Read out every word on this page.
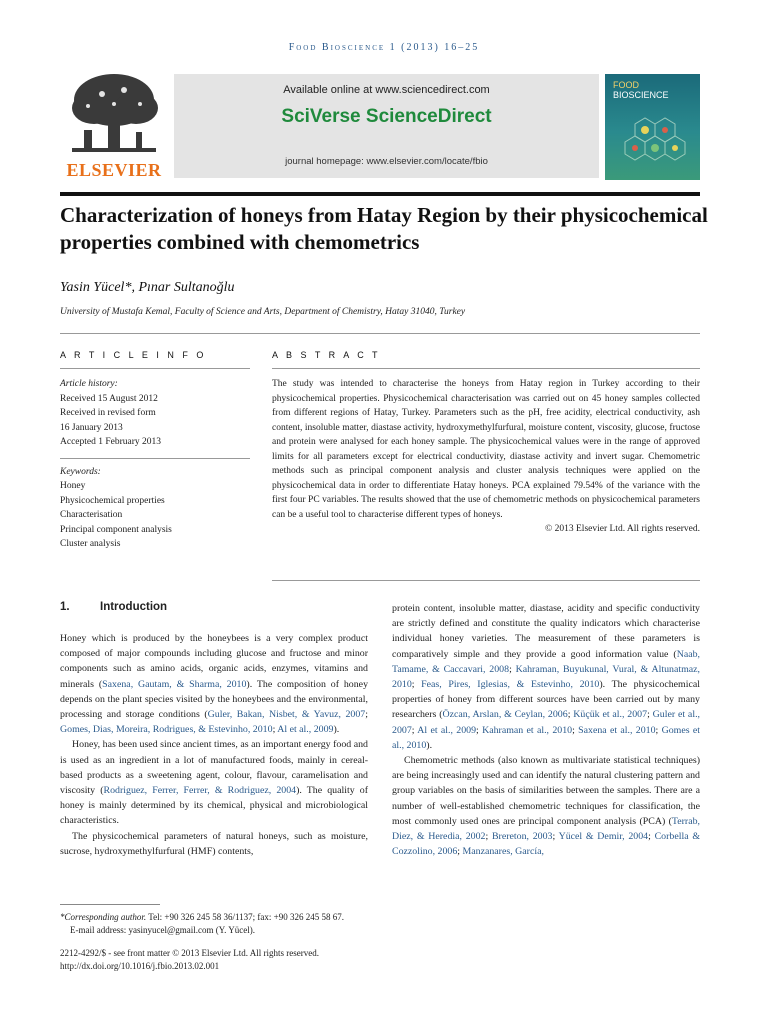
Food Bioscience 1 (2013) 16–25
ELSEVIER
Available online at www.sciencedirect.com
SciVerse ScienceDirect
journal homepage: www.elsevier.com/locate/fbio
FOOD
BIOSCIENCE
Characterization of honeys from Hatay Region by their physicochemical properties combined with chemometrics
Yasin Yücel*, Pınar Sultanoğlu
University of Mustafa Kemal, Faculty of Science and Arts, Department of Chemistry, Hatay 31040, Turkey
A R T I C L E I N F O	A B S T R A C T
Article history:
Received 15 August 2012
Received in revised form
16 January 2013
Accepted 1 February 2013
Keywords:
Honey
Physicochemical properties
Characterisation
Principal component analysis
Cluster analysis
The study was intended to characterise the honeys from Hatay region in Turkey according to their physicochemical properties. Physicochemical characterisation was carried out on 45 honey samples collected from different regions of Hatay, Turkey. Parameters such as the pH, free acidity, electrical conductivity, ash content, insoluble matter, diastase activity, hydroxymethylfurfural, moisture content, viscosity, glucose, fructose and protein were analysed for each honey sample. The physicochemical values were in the range of approved limits for all parameters except for electrical conductivity, diastase activity and invert sugar. Chemometric methods such as principal component analysis and cluster analysis techniques were applied on the physicochemical data in order to differentiate Hatay honeys. PCA explained 79.54% of the variance with the first four PC variables. The results showed that the use of chemometric methods on physicochemical parameters can be a useful tool to characterise different types of honeys.
© 2013 Elsevier Ltd. All rights reserved.
1.	Introduction

Honey which is produced by the honeybees is a very complex product composed of major compounds including glucose and fructose and minor components such as amino acids, organic acids, enzymes, vitamins and minerals (Saxena, Gautam, & Sharma, 2010). The composition of honey depends on the plant species visited by the honeybees and the environmental, processing and storage conditions (Guler, Bakan, Nisbet, & Yavuz, 2007; Gomes, Dias, Moreira, Rodrigues, & Estevinho, 2010; Al et al., 2009).

Honey, has been used since ancient times, as an important energy food and is used as an ingredient in a lot of manufactured foods, mainly in cereal-based products as a sweetening agent, colour, flavour, caramelisation and viscosity (Rodriguez, Ferrer, Ferrer, & Rodriguez, 2004). The quality of honey is mainly determined by its chemical, physical and microbiological characteristics.

The physicochemical parameters of natural honeys, such as moisture, sucrose, hydroxymethylfurfural (HMF) contents,

protein content, insoluble matter, diastase, acidity and specific conductivity are strictly defined and constitute the quality indicators which characterise individual honey varieties. The measurement of these parameters is comparatively simple and they provide a good information value (Naab, Tamame, & Caccavari, 2008; Kahraman, Buyukunal, Vural, & Altunatmaz, 2010; Feas, Pires, Iglesias, & Estevinho, 2010). The physicochemical properties of honey from different sources have been carried out by many researchers (Özcan, Arslan, & Ceylan, 2006; Küçük et al., 2007; Guler et al., 2007; Al et al., 2009; Kahraman et al., 2010; Saxena et al., 2010; Gomes et al., 2010).

Chemometric methods (also known as multivariate statistical techniques) are being increasingly used and can identify the natural clustering pattern and group variables on the basis of similarities between the samples. There are a number of well-established chemometric techniques for classification, the most commonly used ones are principal component analysis (PCA) (Terrab, Diez, & Heredia, 2002; Brereton, 2003; Yücel & Demir, 2004; Corbella & Cozzolino, 2006; Manzanares, García,

*Corresponding author. Tel: +90 326 245 58 36/1137; fax: +90 326 245 58 67.
E-mail address: yasinyucel@gmail.com (Y. Yücel).
2212-4292/$ - see front matter © 2013 Elsevier Ltd. All rights reserved.
http://dx.doi.org/10.1016/j.fbio.2013.02.001
